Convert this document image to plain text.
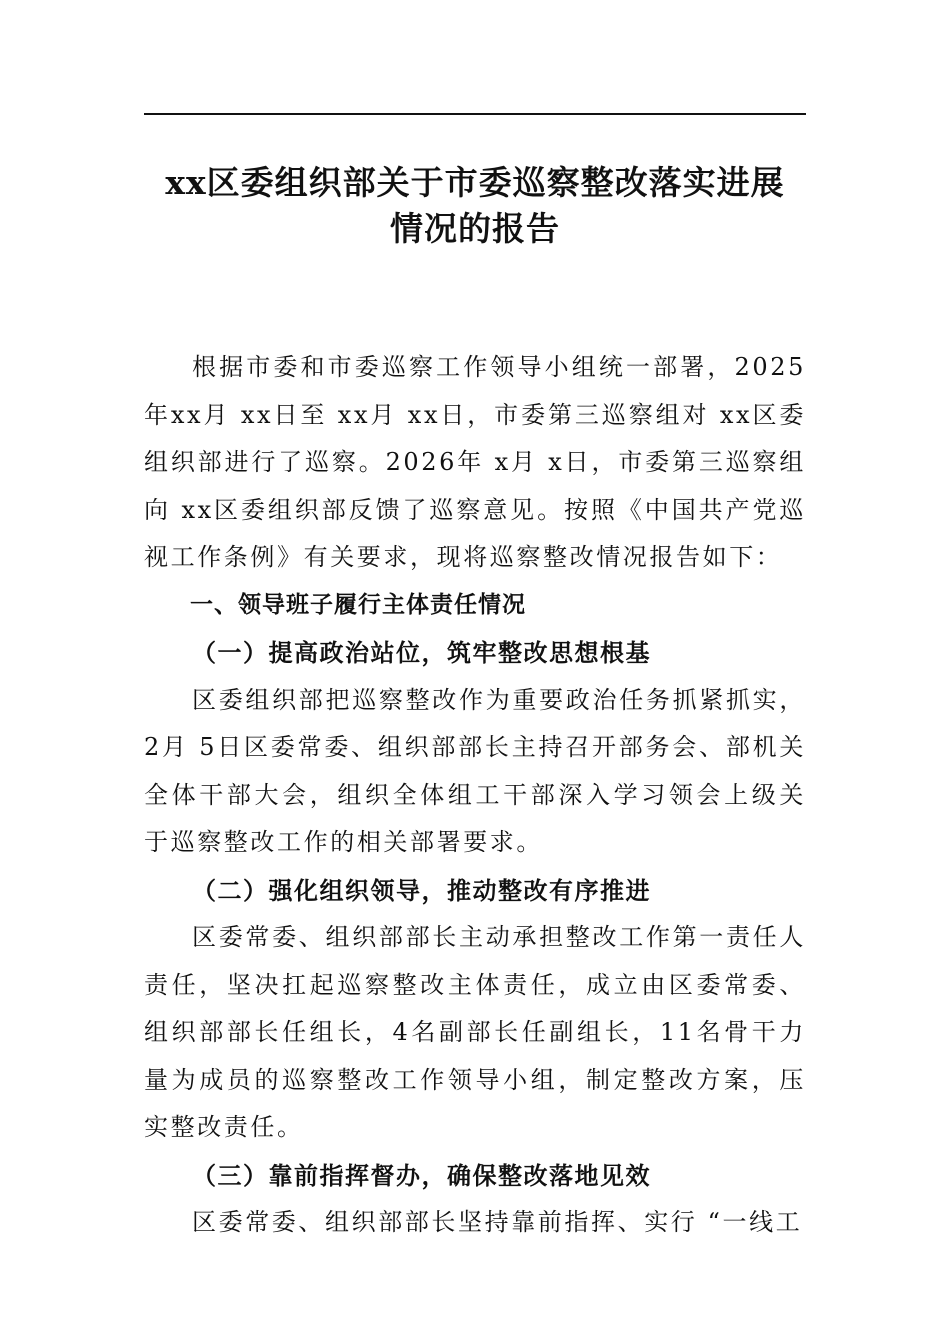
xx区委组织部关于市委巡察整改落实进展
情况的报告

根据市委和市委巡察工作领导小组统一部署，2025年xx月 xx日至 xx月 xx日，市委第三巡察组对 xx区委组织部进行了巡察。2026年 x月 x日，市委第三巡察组向 xx区委组织部反馈了巡察意见。按照《中国共产党巡视工作条例》有关要求，现将巡察整改情况报告如下：

一、领导班子履行主体责任情况

（一）提高政治站位，筑牢整改思想根基

区委组织部把巡察整改作为重要政治任务抓紧抓实，2月 5日区委常委、组织部部长主持召开部务会、部机关全体干部大会，组织全体组工干部深入学习领会上级关于巡察整改工作的相关部署要求。

（二）强化组织领导，推动整改有序推进

区委常委、组织部部长主动承担整改工作第一责任人责任，坚决扛起巡察整改主体责任，成立由区委常委、组织部部长任组长，4名副部长任副组长，11名骨干力量为成员的巡察整改工作领导小组，制定整改方案，压实整改责任。

（三）靠前指挥督办，确保整改落地见效

区委常委、组织部部长坚持靠前指挥、实行 “一线工
